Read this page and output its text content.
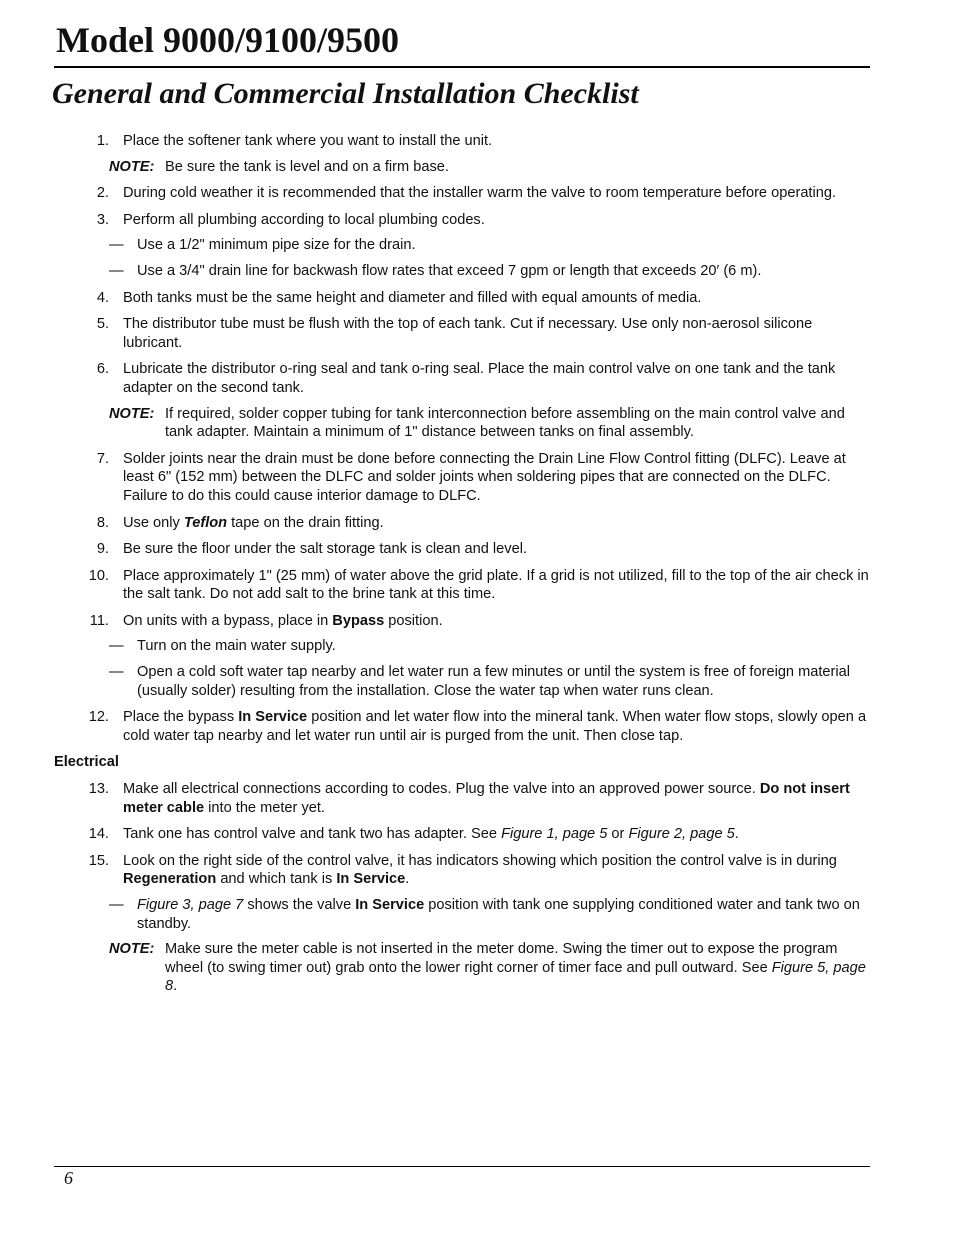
Model 9000/9100/9500
General and Commercial Installation Checklist
1. Place the softener tank where you want to install the unit.
NOTE: Be sure the tank is level and on a firm base.
2. During cold weather it is recommended that the installer warm the valve to room temperature before operating.
3. Perform all plumbing according to local plumbing codes.
— Use a 1/2" minimum pipe size for the drain.
— Use a 3/4" drain line for backwash flow rates that exceed 7 gpm or length that exceeds 20′ (6 m).
4. Both tanks must be the same height and diameter and filled with equal amounts of media.
5. The distributor tube must be flush with the top of each tank. Cut if necessary. Use only non-aerosol silicone lubricant.
6. Lubricate the distributor o-ring seal and tank o-ring seal. Place the main control valve on one tank and the tank adapter on the second tank.
NOTE: If required, solder copper tubing for tank interconnection before assembling on the main control valve and tank adapter. Maintain a minimum of 1" distance between tanks on final assembly.
7. Solder joints near the drain must be done before connecting the Drain Line Flow Control fitting (DLFC). Leave at least 6" (152 mm) between the DLFC and solder joints when soldering pipes that are connected on the DLFC. Failure to do this could cause interior damage to DLFC.
8. Use only Teflon tape on the drain fitting.
9. Be sure the floor under the salt storage tank is clean and level.
10. Place approximately 1" (25 mm) of water above the grid plate. If a grid is not utilized, fill to the top of the air check in the salt tank. Do not add salt to the brine tank at this time.
11. On units with a bypass, place in Bypass position.
— Turn on the main water supply.
— Open a cold soft water tap nearby and let water run a few minutes or until the system is free of foreign material (usually solder) resulting from the installation. Close the water tap when water runs clean.
12. Place the bypass In Service position and let water flow into the mineral tank. When water flow stops, slowly open a cold water tap nearby and let water run until air is purged from the unit. Then close tap.
Electrical
13. Make all electrical connections according to codes. Plug the valve into an approved power source. Do not insert meter cable into the meter yet.
14. Tank one has control valve and tank two has adapter. See Figure 1, page 5 or Figure 2, page 5.
15. Look on the right side of the control valve, it has indicators showing which position the control valve is in during Regeneration and which tank is In Service.
— Figure 3, page 7 shows the valve In Service position with tank one supplying conditioned water and tank two on standby.
NOTE: Make sure the meter cable is not inserted in the meter dome. Swing the timer out to expose the program wheel (to swing timer out) grab onto the lower right corner of timer face and pull outward. See Figure 5, page 8.
6
